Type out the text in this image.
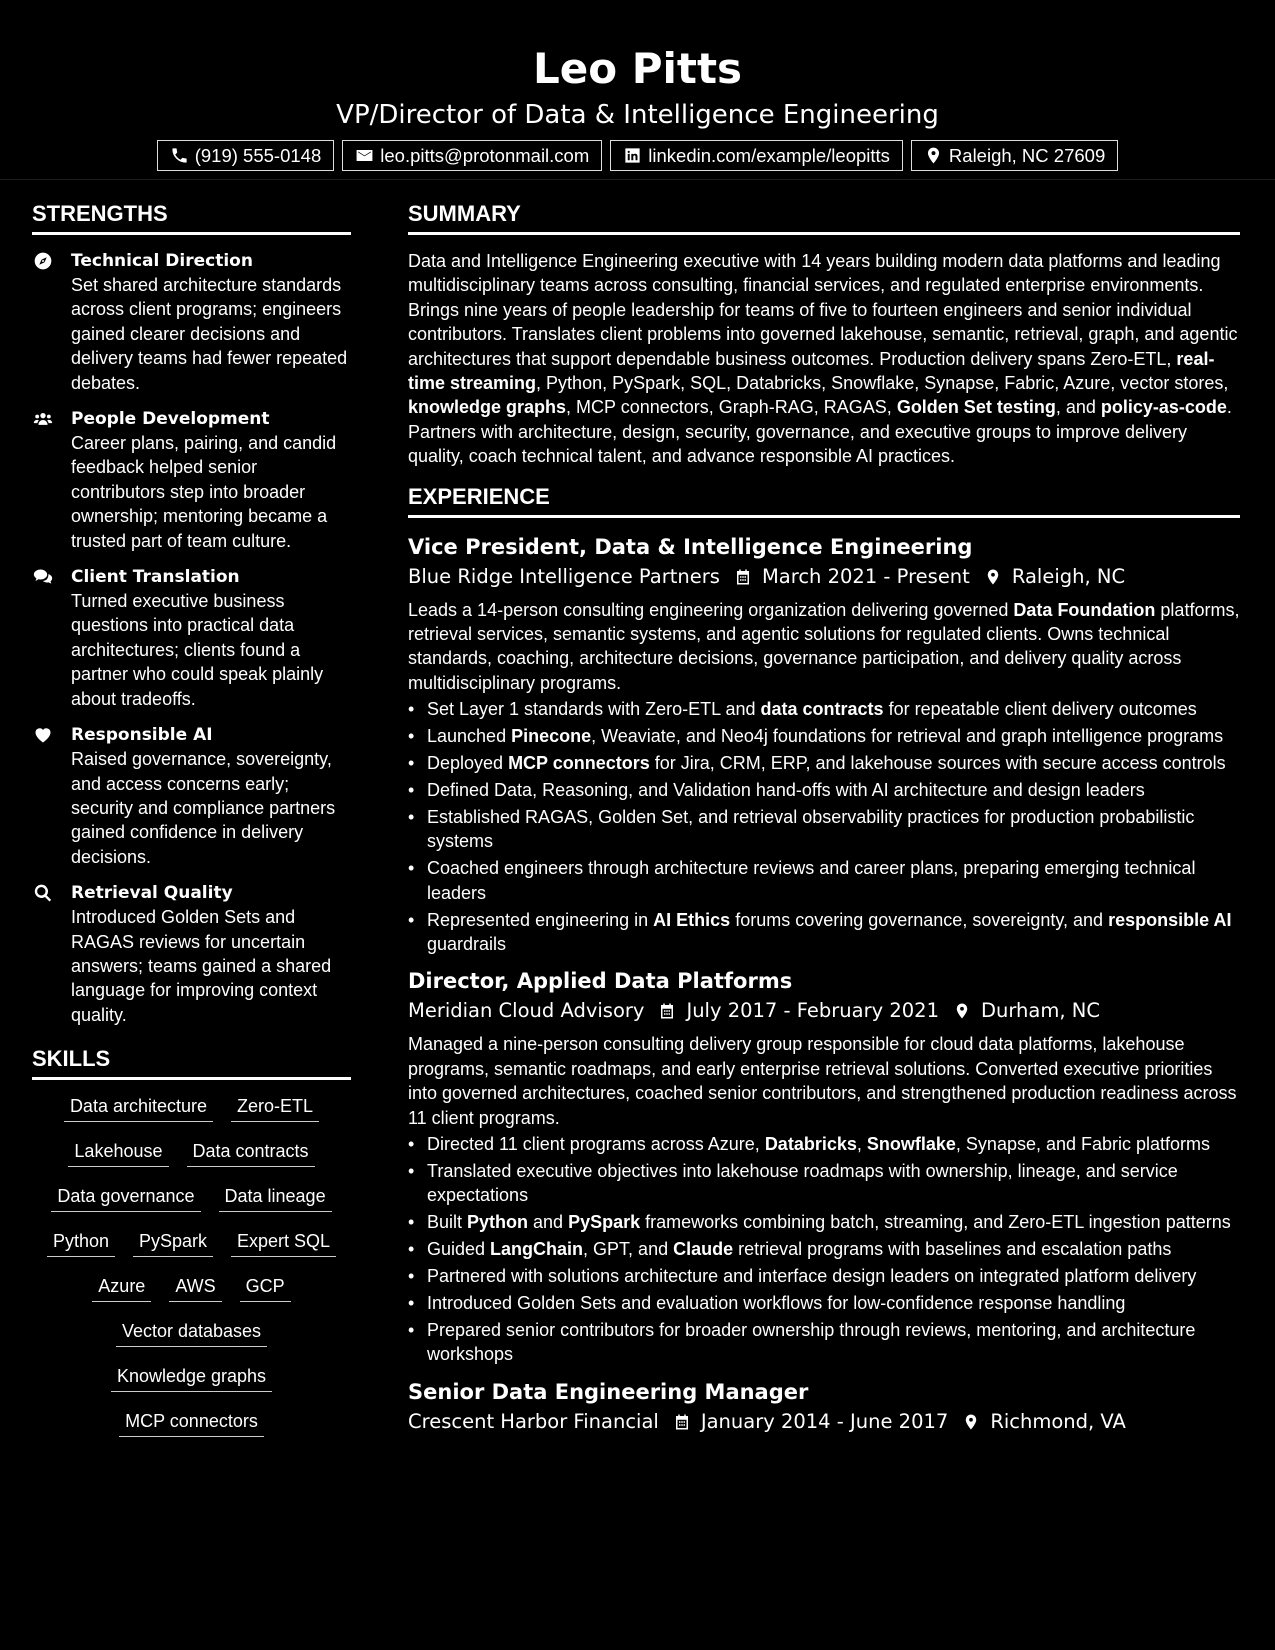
Leo Pitts
VP/Director of Data & Intelligence Engineering
(919) 555-0148	leo.pitts@protonmail.com	linkedin.com/example/leopitts	Raleigh, NC 27609
STRENGTHS
Technical Direction
Set shared architecture standards across client programs; engineers gained clearer decisions and delivery teams had fewer repeated debates.
People Development
Career plans, pairing, and candid feedback helped senior contributors step into broader ownership; mentoring became a trusted part of team culture.
Client Translation
Turned executive business questions into practical data architectures; clients found a partner who could speak plainly about tradeoffs.
Responsible AI
Raised governance, sovereignty, and access concerns early; security and compliance partners gained confidence in delivery decisions.
Retrieval Quality
Introduced Golden Sets and RAGAS reviews for uncertain answers; teams gained a shared language for improving context quality.
SKILLS
Data architecture	Zero-ETL
Lakehouse	Data contracts
Data governance	Data lineage
Python	PySpark	Expert SQL
Azure	AWS	GCP
Vector databases
Knowledge graphs
MCP connectors
SUMMARY
Data and Intelligence Engineering executive with 14 years building modern data platforms and leading multidisciplinary teams across consulting, financial services, and regulated enterprise environments. Brings nine years of people leadership for teams of five to fourteen engineers and senior individual contributors. Translates client problems into governed lakehouse, semantic, retrieval, graph, and agentic architectures that support dependable business outcomes. Production delivery spans Zero-ETL, real-time streaming, Python, PySpark, SQL, Databricks, Snowflake, Synapse, Fabric, Azure, vector stores, knowledge graphs, MCP connectors, Graph-RAG, RAGAS, Golden Set testing, and policy-as-code. Partners with architecture, design, security, governance, and executive groups to improve delivery quality, coach technical talent, and advance responsible AI practices.
EXPERIENCE
Vice President, Data & Intelligence Engineering
Blue Ridge Intelligence Partners March 2021 - Present Raleigh, NC
Leads a 14-person consulting engineering organization delivering governed Data Foundation platforms, retrieval services, semantic systems, and agentic solutions for regulated clients. Owns technical standards, coaching, architecture decisions, governance participation, and delivery quality across multidisciplinary programs.
• Set Layer 1 standards with Zero-ETL and data contracts for repeatable client delivery outcomes
• Launched Pinecone, Weaviate, and Neo4j foundations for retrieval and graph intelligence programs
• Deployed MCP connectors for Jira, CRM, ERP, and lakehouse sources with secure access controls
• Defined Data, Reasoning, and Validation hand-offs with AI architecture and design leaders
• Established RAGAS, Golden Set, and retrieval observability practices for production probabilistic systems
• Coached engineers through architecture reviews and career plans, preparing emerging technical leaders
• Represented engineering in AI Ethics forums covering governance, sovereignty, and responsible AI guardrails
Director, Applied Data Platforms
Meridian Cloud Advisory July 2017 - February 2021 Durham, NC
Managed a nine-person consulting delivery group responsible for cloud data platforms, lakehouse programs, semantic roadmaps, and early enterprise retrieval solutions. Converted executive priorities into governed architectures, coached senior contributors, and strengthened production readiness across 11 client programs.
• Directed 11 client programs across Azure, Databricks, Snowflake, Synapse, and Fabric platforms
• Translated executive objectives into lakehouse roadmaps with ownership, lineage, and service expectations
• Built Python and PySpark frameworks combining batch, streaming, and Zero-ETL ingestion patterns
• Guided LangChain, GPT, and Claude retrieval programs with baselines and escalation paths
• Partnered with solutions architecture and interface design leaders on integrated platform delivery
• Introduced Golden Sets and evaluation workflows for low-confidence response handling
• Prepared senior contributors for broader ownership through reviews, mentoring, and architecture workshops
Senior Data Engineering Manager
Crescent Harbor Financial January 2014 - June 2017 Richmond, VA
